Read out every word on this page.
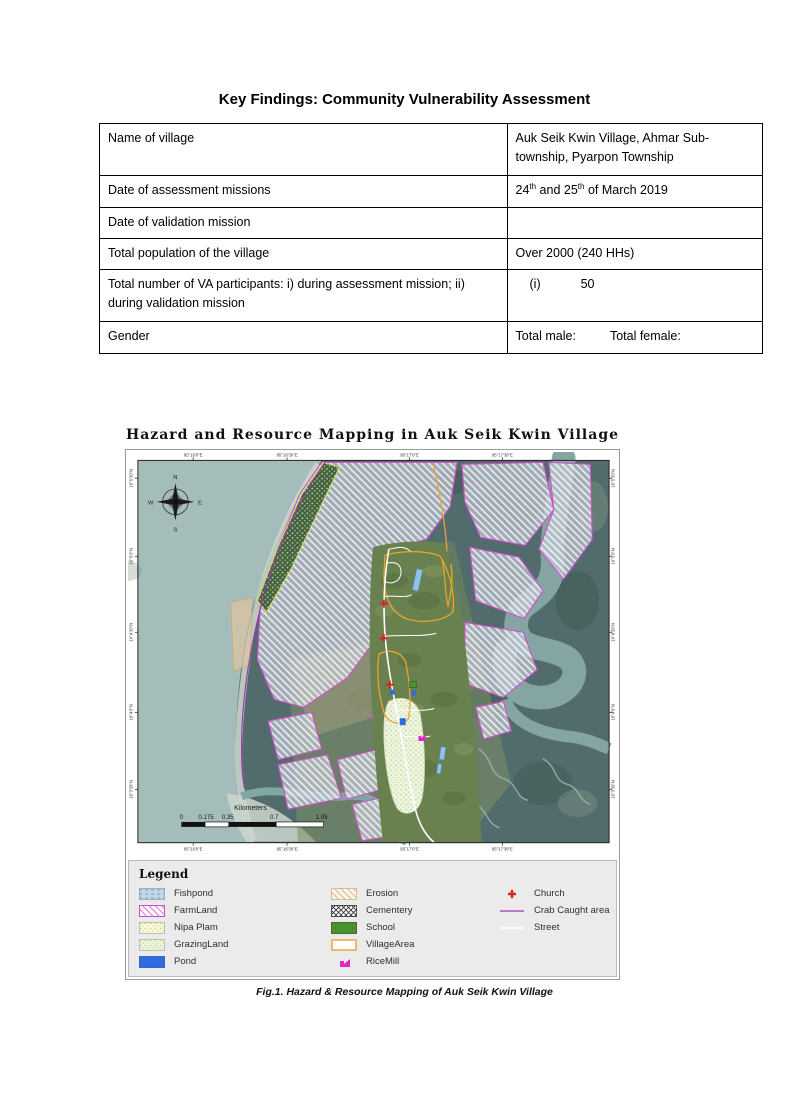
Key Findings: Community Vulnerability Assessment
Name of village	Auk Seik Kwin Village, Ahmar Sub-township, Pyarpon Township
Date of assessment missions	24th and 25th of March 2019
Date of validation mission	
Total population of the village	Over 2000 (240 HHs)
Total number of VA participants: i) during assessment mission; ii) during validation mission	(i) 50
Gender	Total male: Total female:
Hazard and Resource Mapping in Auk Seik Kwin Village
N
E
S
W
Kilometers
0 0.175 0.35	0.7	1.05
95°16'0"E	95°16'30"E	95°17'0"E	95°17'30"E
95°16'0"E	95°16'30"E	95°17'0"E	95°17'30"E
16°5'30"N
16°5'0"N
16°4'30"N
16°4'0"N
16°3'30"N
16°5'30"N
16°5'0"N
16°4'30"N
16°4'0"N
16°3'30"N
Legend
Fishpond
FarmLand
Nipa Plam
GrazingLand
Pond
Erosion
Cementery
School
VillageArea
RiceMill
Church
Crab Caught area
Street
Fig.1. Hazard & Resource Mapping of Auk Seik Kwin Village
